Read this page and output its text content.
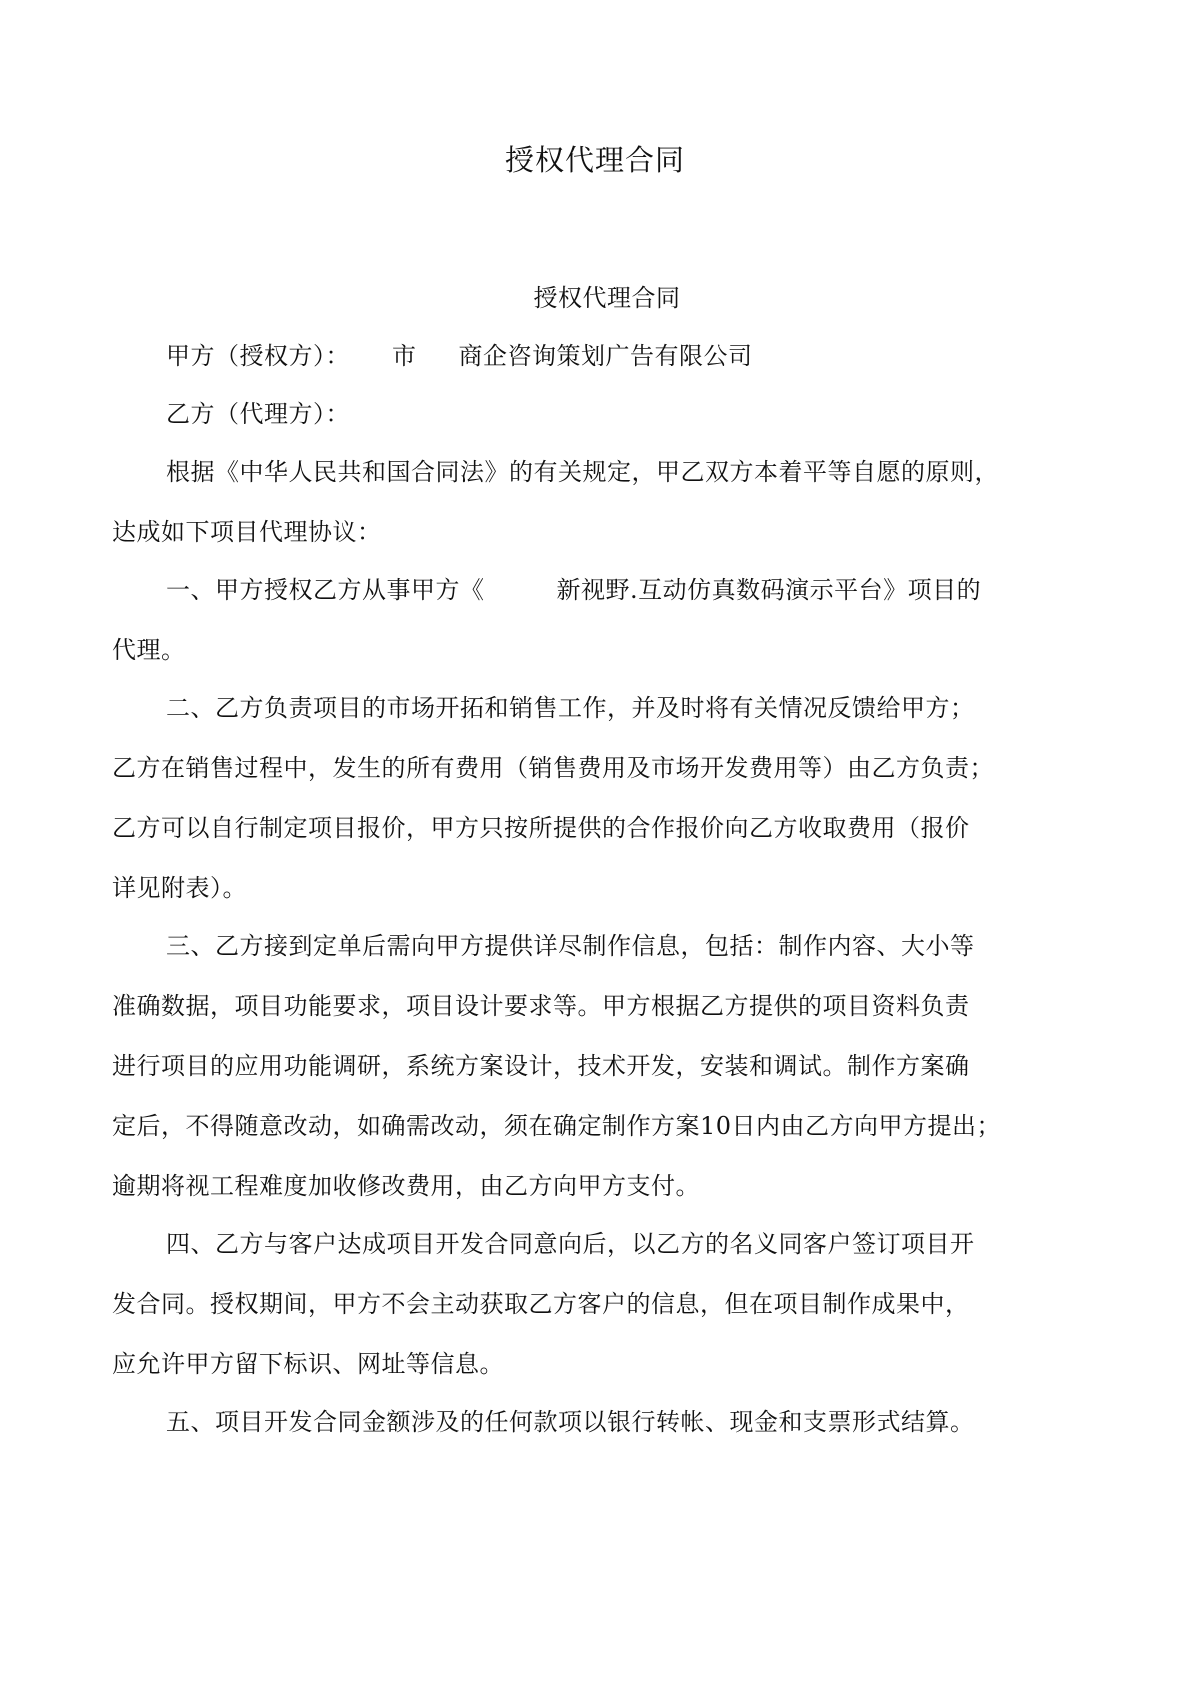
授权代理合同
授权代理合同
甲方（授权方）： 市 商企咨询策划广告有限公司
乙方（代理方）：
根据《中华人民共和国合同法》的有关规定，甲乙双方本着平等自愿的原则，
达成如下项目代理协议：
一、甲方授权乙方从事甲方《	新视野.互动仿真数码演示平台》项目的
代理。
二、乙方负责项目的市场开拓和销售工作，并及时将有关情况反馈给甲方；
乙方在销售过程中，发生的所有费用（销售费用及市场开发费用等）由乙方负责；
乙方可以自行制定项目报价，甲方只按所提供的合作报价向乙方收取费用（报价
详见附表）。
三、乙方接到定单后需向甲方提供详尽制作信息，包括：制作内容、大小等
准确数据，项目功能要求，项目设计要求等。甲方根据乙方提供的项目资料负责
进行项目的应用功能调研，系统方案设计，技术开发，安装和调试。制作方案确
定后，不得随意改动，如确需改动，须在确定制作方案10日内由乙方向甲方提出；
逾期将视工程难度加收修改费用，由乙方向甲方支付。
四、乙方与客户达成项目开发合同意向后，以乙方的名义同客户签订项目开
发合同。授权期间，甲方不会主动获取乙方客户的信息，但在项目制作成果中，
应允许甲方留下标识、网址等信息。
五、项目开发合同金额涉及的任何款项以银行转帐、现金和支票形式结算。
